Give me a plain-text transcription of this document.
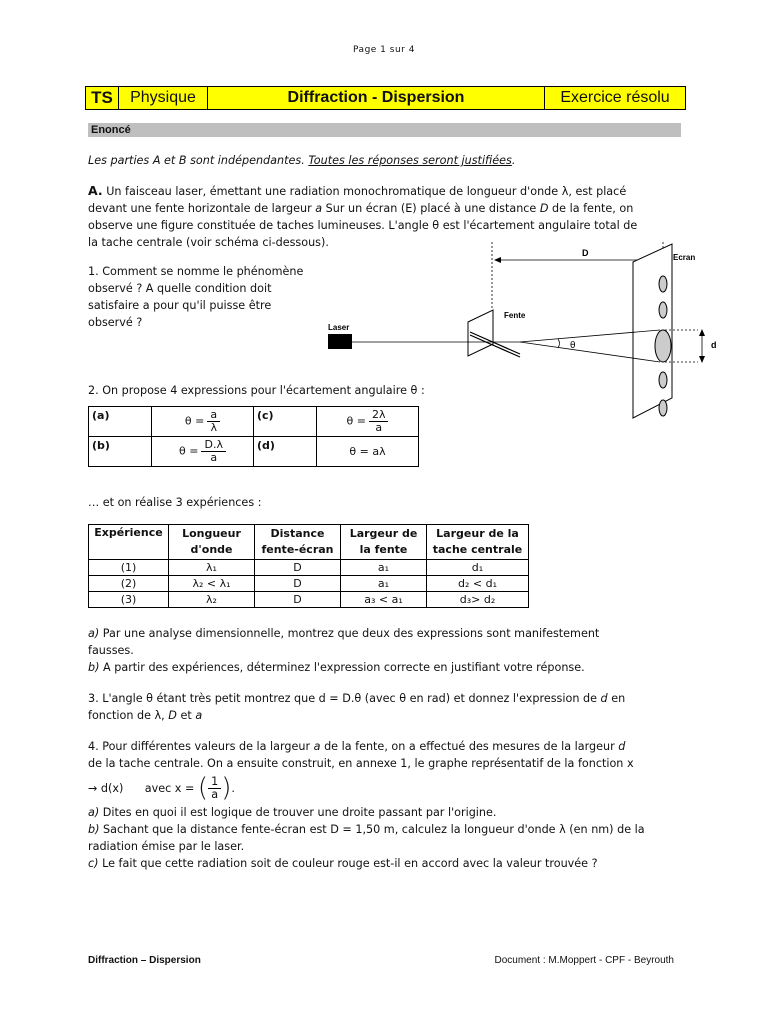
Page 1 sur 4
TS	Physique	Diffraction - Dispersion	Exercice résolu
Enoncé
Les parties A et B sont indépendantes. Toutes les réponses seront justifiées.
A. Un faisceau laser, émettant une radiation monochromatique de longueur d'onde λ, est placé
devant une fente horizontale de largeur a Sur un écran (E) placé à une distance D de la fente, on
observe une figure constituée de taches lumineuses. L'angle θ est l'écartement angulaire total de
la tache centrale (voir schéma ci-dessous).
D	Ecran
d
Fente
Laser
θ
1. Comment se nomme le phénomène
observé ? A quelle condition doit
satisfaire a pour qu'il puisse être
observé ?
2. On propose 4 expressions pour l'écartement angulaire θ :
(a)	$\theta = \frac{a}{\lambda}$	(c)	$\theta = \frac{2\lambda}{a}$

(b)	$\theta = \frac{D.\lambda}{a}$	(d)	θ = aλ
… et on réalise 3 expériences :
Expérience	Longueur d'onde	Distance fente-écran	Largeur de la fente	Largeur de la tache centrale
(1)	λ₁	D	a₁	d₁
(2)	λ₂ < λ₁	D	a₁	d₂ < d₁
(3)	λ₂	D	a₃ < a₁	d₃> d₂
a) Par une analyse dimensionnelle, montrez que deux des expressions sont manifestement
fausses.
b) A partir des expériences, déterminez l'expression correcte en justifiant votre réponse.
3. L'angle θ étant très petit montrez que d = D.θ (avec θ en rad) et donnez l'expression de d en
fonction de λ, D et a
4. Pour différentes valeurs de la largeur a de la fente, on a effectué des mesures de la largeur d
de la tache centrale. On a ensuite construit, en annexe 1, le graphe représentatif de la fonction x
→ d(x)      avec x = ( $\frac{1}{a}$ ) .
a) Dites en quoi il est logique de trouver une droite passant par l'origine.
b) Sachant que la distance fente-écran est D = 1,50 m, calculez la longueur d'onde λ (en nm) de la
radiation émise par le laser.
c) Le fait que cette radiation soit de couleur rouge est-il en accord avec la valeur trouvée ?
Diffraction – Dispersion	Document : M.Moppert - CPF - Beyrouth
